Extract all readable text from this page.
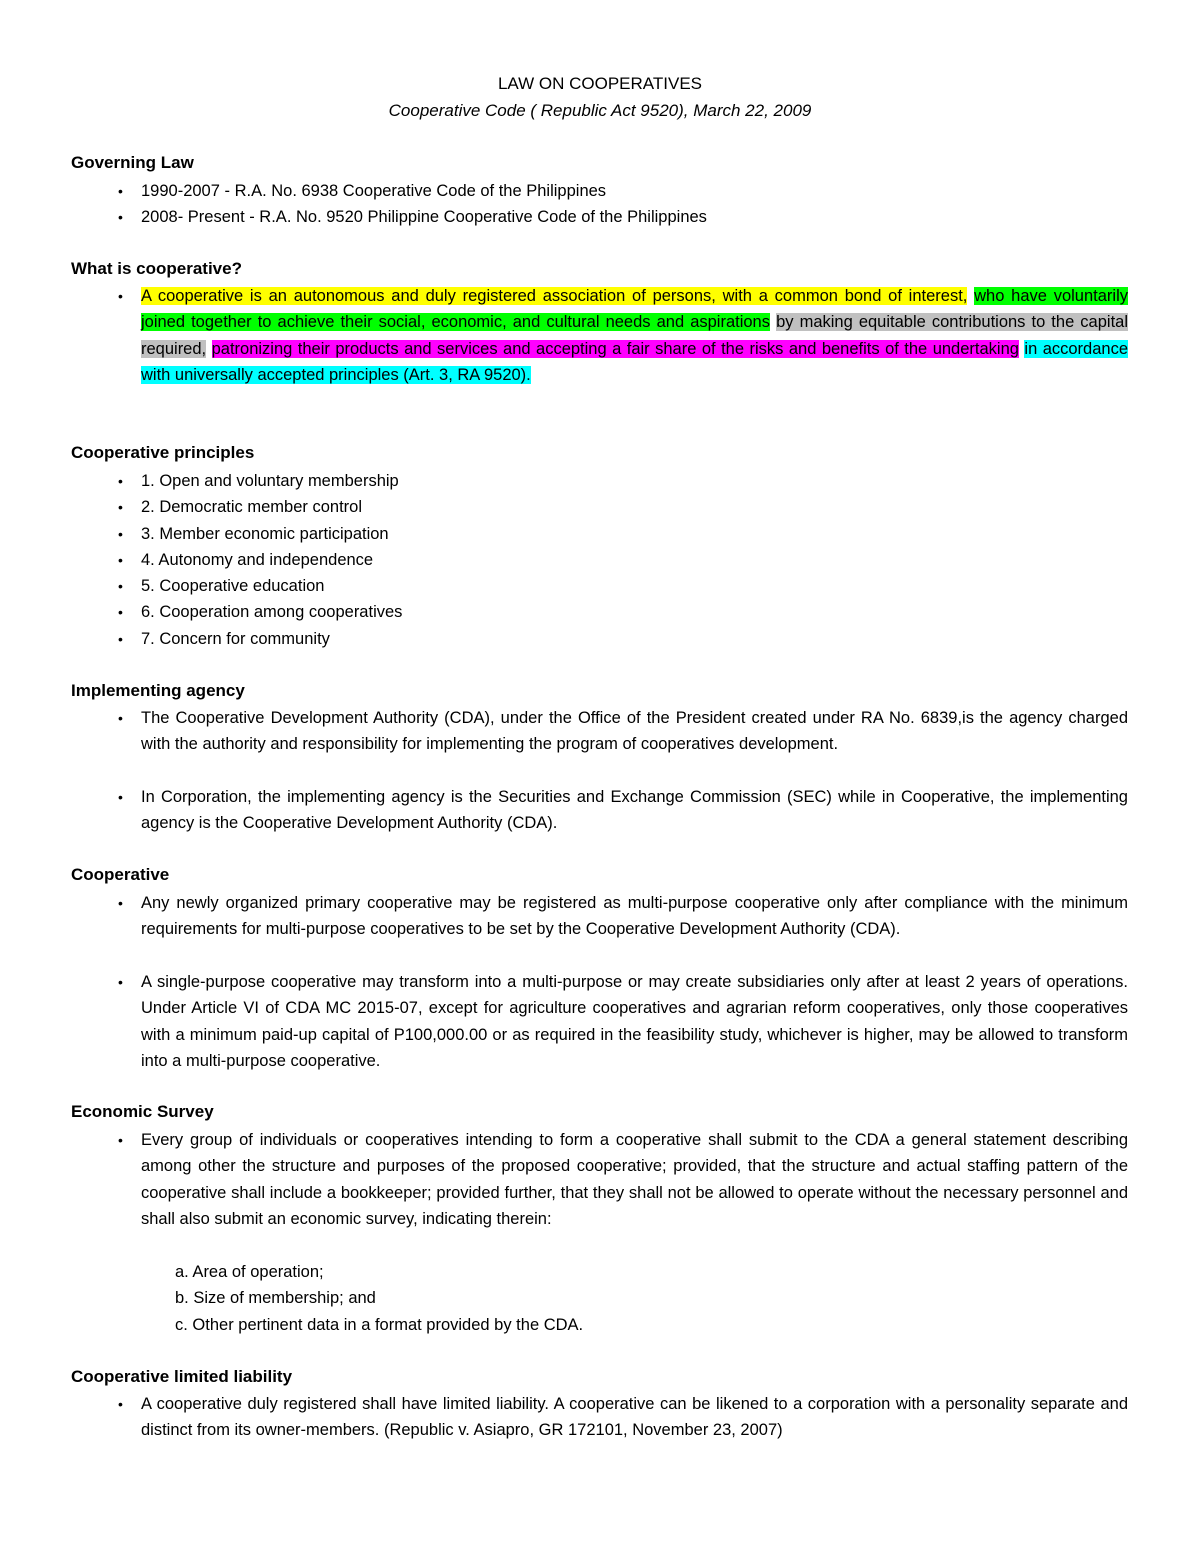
LAW ON COOPERATIVES
Cooperative Code ( Republic Act 9520), March 22, 2009
Governing Law
• 1990-2007 - R.A. No. 6938 Cooperative Code of the Philippines
• 2008- Present - R.A. No. 9520 Philippine Cooperative Code of the Philippines
What is cooperative?
• A cooperative is an autonomous and duly registered association of persons, with a common bond of interest, who have voluntarily joined together to achieve their social, economic, and cultural needs and aspirations by making equitable contributions to the capital required, patronizing their products and services and accepting a fair share of the risks and benefits of the undertaking in accordance with universally accepted principles (Art. 3, RA 9520).
Cooperative principles
• 1. Open and voluntary membership
• 2. Democratic member control
• 3. Member economic participation
• 4. Autonomy and independence
• 5. Cooperative education
• 6. Cooperation among cooperatives
• 7. Concern for community
Implementing agency
• The Cooperative Development Authority (CDA), under the Office of the President created under RA No. 6839,is the agency charged with the authority and responsibility for implementing the program of cooperatives development.
• In Corporation, the implementing agency is the Securities and Exchange Commission (SEC) while in Cooperative, the implementing agency is the Cooperative Development Authority (CDA).
Cooperative
• Any newly organized primary cooperative may be registered as multi-purpose cooperative only after compliance with the minimum requirements for multi-purpose cooperatives to be set by the Cooperative Development Authority (CDA).
• A single-purpose cooperative may transform into a multi-purpose or may create subsidiaries only after at least 2 years of operations. Under Article VI of CDA MC 2015-07, except for agriculture cooperatives and agrarian reform cooperatives, only those cooperatives with a minimum paid-up capital of P100,000.00 or as required in the feasibility study, whichever is higher, may be allowed to transform into a multi-purpose cooperative.
Economic Survey
• Every group of individuals or cooperatives intending to form a cooperative shall submit to the CDA a general statement describing among other the structure and purposes of the proposed cooperative; provided, that the structure and actual staffing pattern of the cooperative shall include a bookkeeper; provided further, that they shall not be allowed to operate without the necessary personnel and shall also submit an economic survey, indicating therein:
a. Area of operation;
b. Size of membership; and
c. Other pertinent data in a format provided by the CDA.
Cooperative limited liability
• A cooperative duly registered shall have limited liability. A cooperative can be likened to a corporation with a personality separate and distinct from its owner-members. (Republic v. Asiapro, GR 172101, November 23, 2007)
